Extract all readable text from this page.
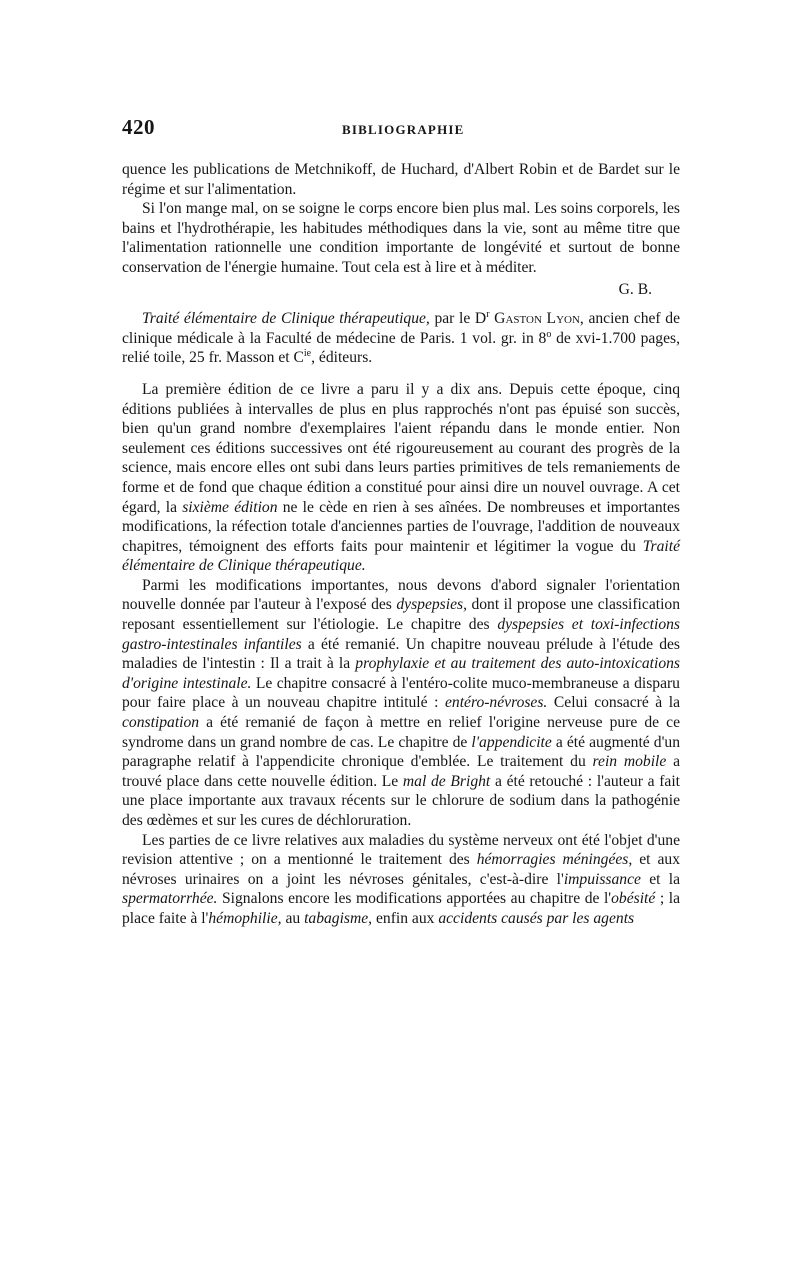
420	BIBLIOGRAPHIE

quence les publications de Metchnikoff, de Huchard, d'Albert Robin et de Bardet sur le régime et sur l'alimentation.

Si l'on mange mal, on se soigne le corps encore bien plus mal. Les soins corporels, les bains et l'hydrothérapie, les habitudes méthodiques dans la vie, sont au même titre que l'alimentation rationnelle une condition importante de longévité et surtout de bonne conservation de l'énergie humaine. Tout cela est à lire et à méditer.

G. B.

Traité élémentaire de Clinique thérapeutique, par le $D^r$ Gaston Lyon, ancien chef de clinique médicale à la Faculté de médecine de Paris. 1 vol. gr. in 8$^o$ de xvi-1.700 pages, relié toile, 25 fr. Masson et $C^{ie}$, éditeurs.

La première édition de ce livre a paru il y a dix ans. Depuis cette époque, cinq éditions publiées à intervalles de plus en plus rapprochés n'ont pas épuisé son succès, bien qu'un grand nombre d'exemplaires l'aient répandu dans le monde entier. Non seulement ces éditions successives ont été rigoureusement au courant des progrès de la science, mais encore elles ont subi dans leurs parties primitives de tels remaniements de forme et de fond que chaque édition a constitué pour ainsi dire un nouvel ouvrage. A cet égard, la sixième édition ne le cède en rien à ses aînées. De nombreuses et importantes modifications, la réfection totale d'anciennes parties de l'ouvrage, l'addition de nouveaux chapitres, témoignent des efforts faits pour maintenir et légitimer la vogue du Traité élémentaire de Clinique thérapeutique.

Parmi les modifications importantes, nous devons d'abord signaler l'orientation nouvelle donnée par l'auteur à l'exposé des dyspepsies, dont il propose une classification reposant essentiellement sur l'étiologie. Le chapitre des dyspepsies et toxi-infections gastro-intestinales infantiles a été remanié. Un chapitre nouveau prélude à l'étude des maladies de l'intestin : Il a trait à la prophylaxie et au traitement des auto-intoxications d'origine intestinale. Le chapitre consacré à l'entéro-colite muco-membraneuse a disparu pour faire place à un nouveau chapitre intitulé : entéro-névroses. Celui consacré à la constipation a été remanié de façon à mettre en relief l'origine nerveuse pure de ce syndrome dans un grand nombre de cas. Le chapitre de l'appendicite a été augmenté d'un paragraphe relatif à l'appendicite chronique d'emblée. Le traitement du rein mobile a trouvé place dans cette nouvelle édition. Le mal de Bright a été retouché : l'auteur a fait une place importante aux travaux récents sur le chlorure de sodium dans la pathogénie des œdèmes et sur les cures de déchloruration.

Les parties de ce livre relatives aux maladies du système nerveux ont été l'objet d'une revision attentive ; on a mentionné le traitement des hémorragies méningées, et aux névroses urinaires on a joint les névroses génitales, c'est-à-dire l'impuissance et la spermatorrhée. Signalons encore les modifications apportées au chapitre de l'obésité ; la place faite à l'hémophilie, au tabagisme, enfin aux accidents causés par les agents
